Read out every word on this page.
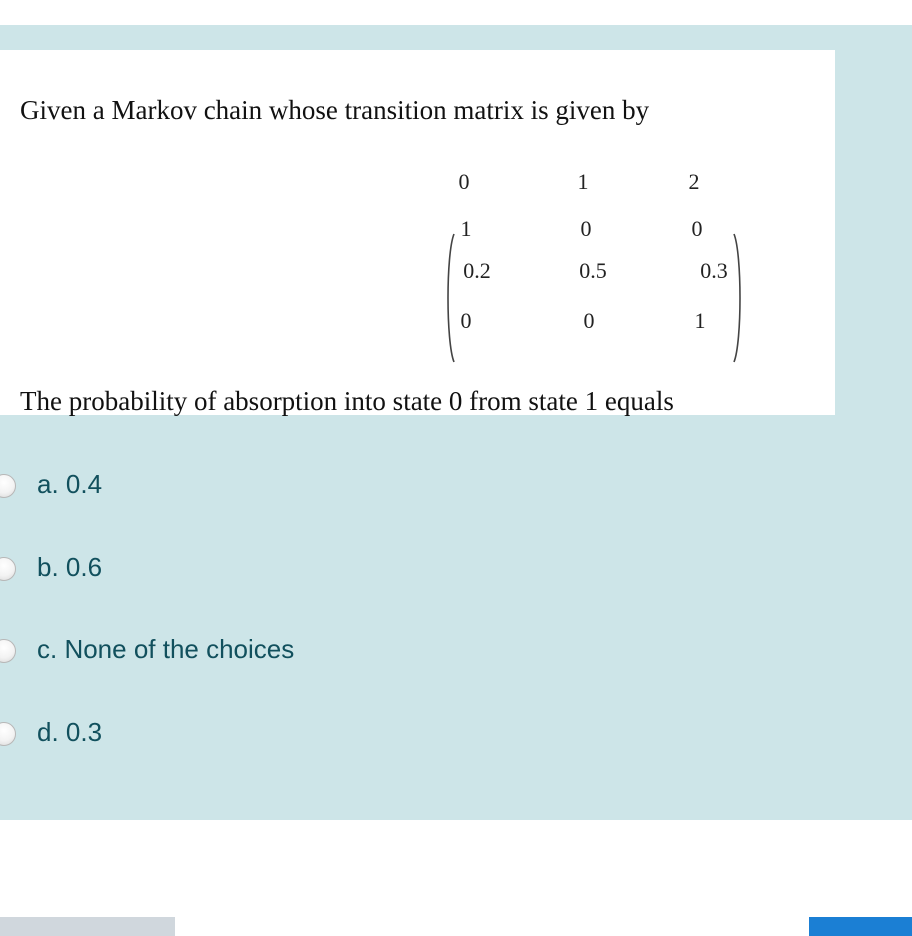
Given a Markov chain whose transition matrix is given by
0	1	2
1	0	0
0.2	0.5	0.3
0	0	1
The probability of absorption into state 0 from state 1 equals
a. 0.4
b. 0.6
c. None of the choices
d. 0.3
